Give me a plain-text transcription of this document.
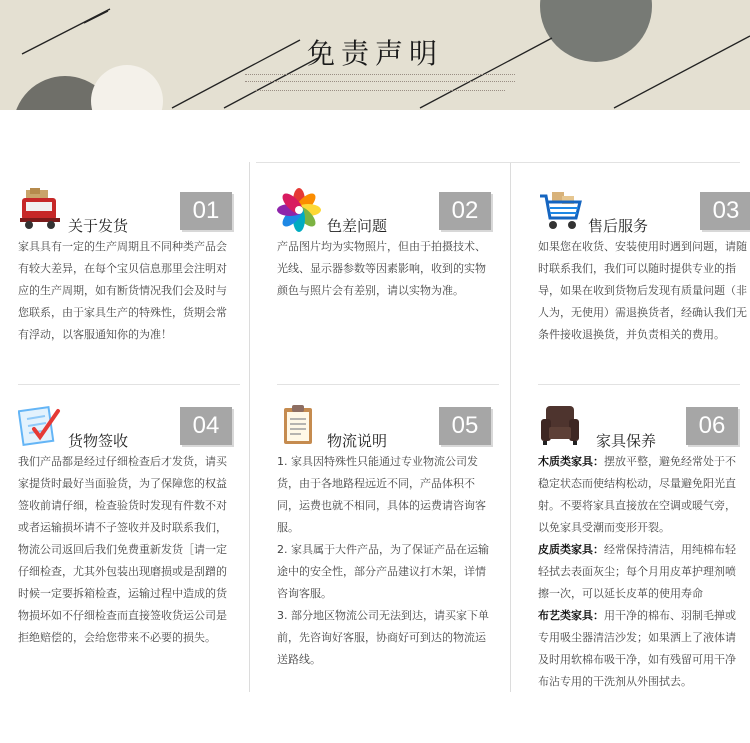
免责声明
关于发货
01

家具具有一定的生产周期且不同种类产品会有较大差异，在每个宝贝信息那里会注明对应的生产周期，如有断货情况我们会及时与您联系，由于家具生产的特殊性，货期会常有浮动，以客服通知你的为准！

色差问题
02

产品图片均为实物照片，但由于拍摄技术、光线、显示器参数等因素影响，收到的实物颜色与照片会有差别，请以实物为准。

售后服务
03

如果您在收货、安装使用时遇到问题，请随时联系我们，我们可以随时提供专业的指导，如果在收到货物后发现有质量问题（非人为，无使用）需退换货者，经确认我们无条件接收退换货，并负责相关的费用。

货物签收
04

我们产品都是经过仔细检查后才发货，请买家提货时最好当面验货，为了保障您的权益签收前请仔细，检查验货时发现有件数不对或者运输损坏请不子签收并及时联系我们，物流公司返回后我们免费重新发货［请一定仔细检查，尤其外包装出现磨损或是刮蹭的时候一定要拆箱检查，运输过程中造成的货物损坏如不仔细检查而直接签收货运公司是拒绝赔偿的，会给您带来不必要的损失。

物流说明
05

1. 家具因特殊性只能通过专业物流公司发货，由于各地路程远近不同，产品体积不同，运费也就不相同，具体的运费请咨询客服。

2. 家具属于大件产品，为了保证产品在运输途中的安全性，部分产品建议打木架，详情咨询客服。

3. 部分地区物流公司无法到达，请买家下单前，先咨询好客服，协商好可到达的物流运送路线。

家具保养
06

木质类家具：摆放平整，避免经常处于不稳定状态而使结构松动，尽量避免阳光直射。不要将家具直接放在空调或暖气旁，以免家具受潮而变形开裂。

皮质类家具：经常保持清洁，用纯棉布轻轻拭去表面灰尘；每个月用皮革护理剂喷擦一次，可以延长皮革的使用寿命

布艺类家具：用干净的棉布、羽制毛掸或专用吸尘器清洁沙发；如果洒上了液体请及时用软棉布吸干净，如有残留可用干净布沾专用的干洗剂从外围拭去。
